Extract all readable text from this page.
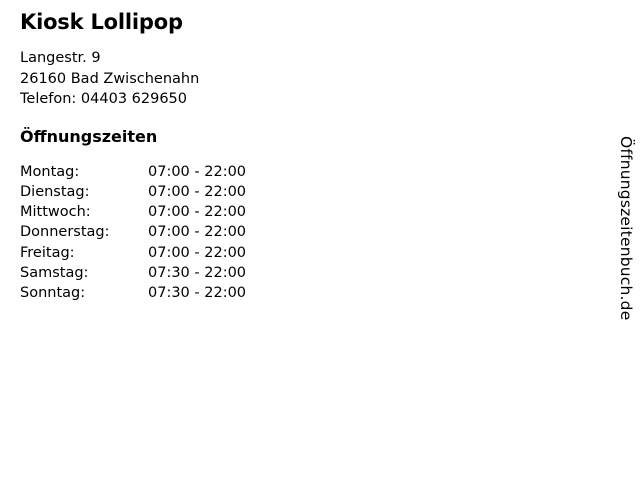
Kiosk Lollipop

Langestr. 9

26160 Bad Zwischenahn

Telefon: 04403 629650

Öffnungszeiten
Montag:	07:00 - 22:00
Dienstag:	07:00 - 22:00
Mittwoch:	07:00 - 22:00
Donnerstag:	07:00 - 22:00
Freitag:	07:00 - 22:00
Samstag:	07:30 - 22:00
Sonntag:	07:30 - 22:00	Öffnungszeitenbuch.de
